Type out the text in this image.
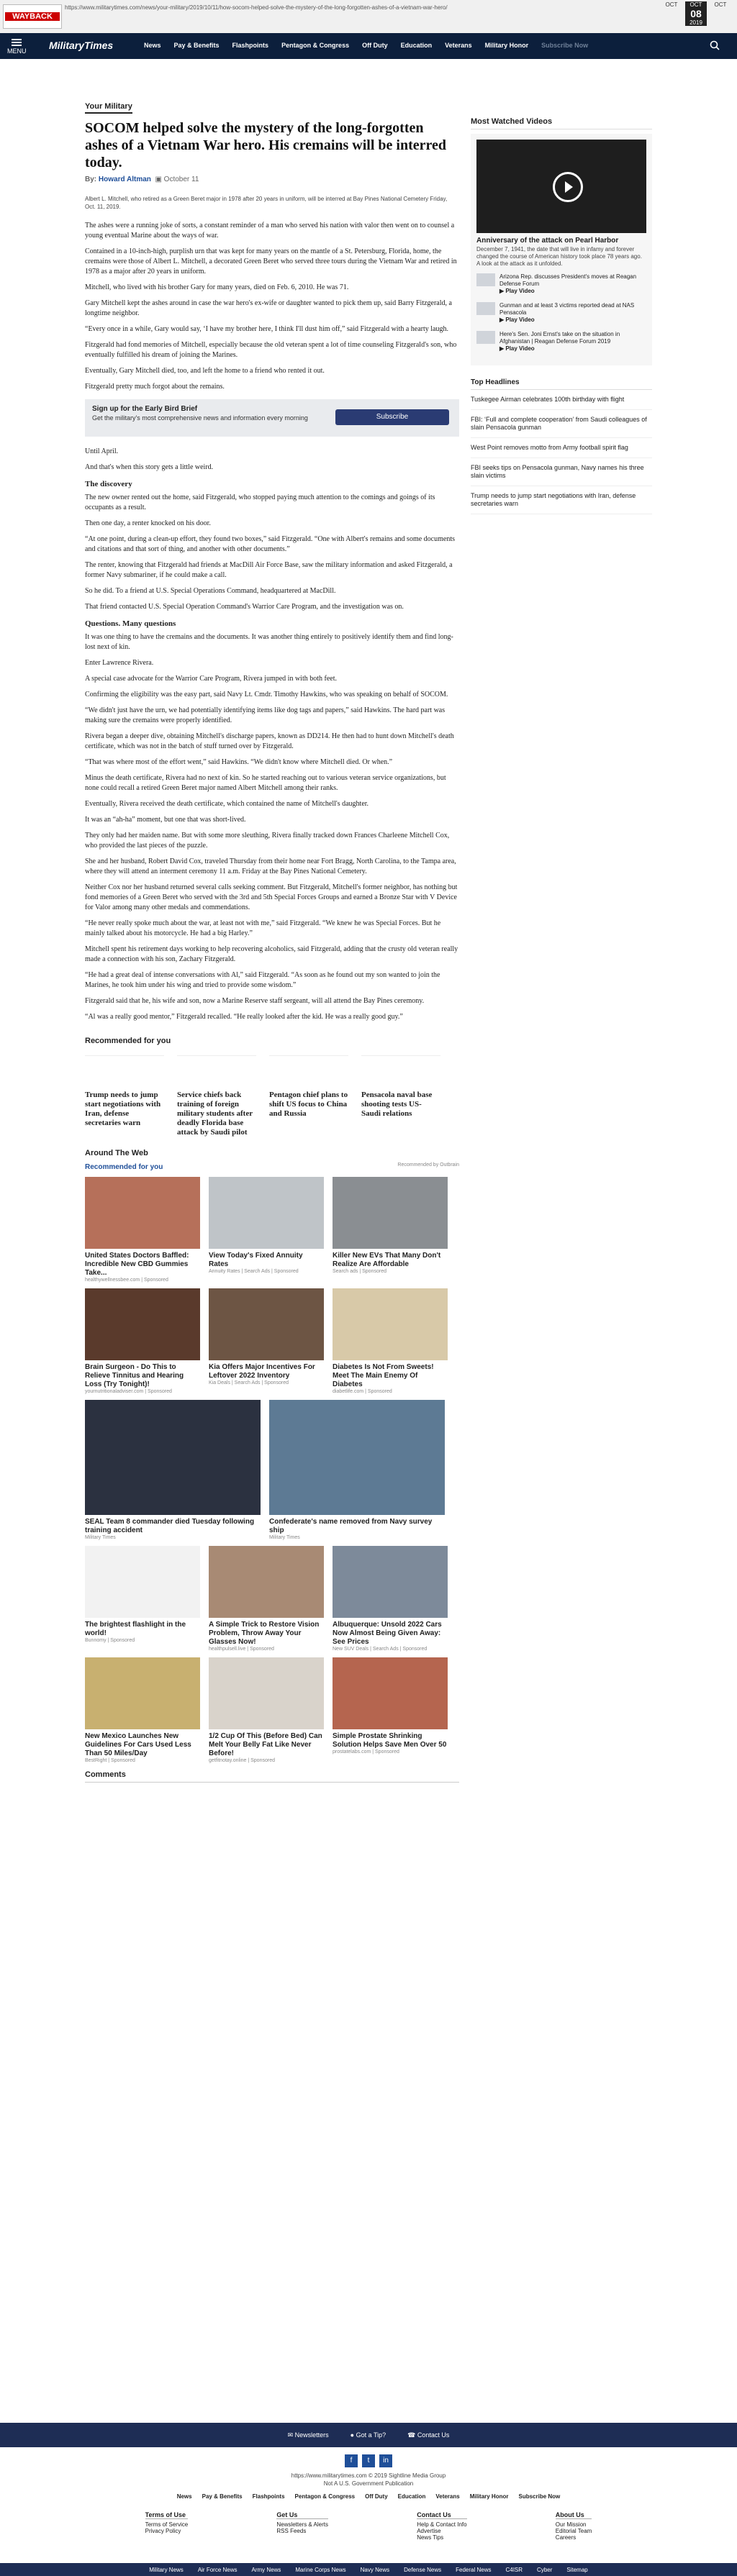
WAYBACK
https://www.militarytimes.com/news/your-military/2019/10/11/how-socom-helped-solve-the-mystery-of-the-long-forgotten-ashes-of-a-vietnam-war-hero/	OCT	OCT
08
2019
OCT
MENU MilitaryTimes	News Pay & Benefits Flashpoints Pentagon & Congress Off Duty Education Veterans Military Honor Subscribe Now
Your Military
SOCOM helped solve the mystery of the long-forgotten ashes of a Vietnam War hero. His cremains will be interred today.
By: Howard Altman ▣ October 11
Albert L. Mitchell, who retired as a Green Beret major in 1978 after 20 years in uniform, will be interred at Bay Pines National Cemetery Friday, Oct. 11, 2019.

The ashes were a running joke of sorts, a constant reminder of a man who served his nation with valor then went on to counsel a young eventual Marine about the ways of war.

Contained in a 10-inch-high, purplish urn that was kept for many years on the mantle of a St. Petersburg, Florida, home, the cremains were those of Albert L. Mitchell, a decorated Green Beret who served three tours during the Vietnam War and retired in 1978 as a major after 20 years in uniform.

Mitchell, who lived with his brother Gary for many years, died on Feb. 6, 2010. He was 71.

Gary Mitchell kept the ashes around in case the war hero's ex-wife or daughter wanted to pick them up, said Barry Fitzgerald, a longtime neighbor.

“Every once in a while, Gary would say, ‘I have my brother here, I think I'll dust him off,” said Fitzgerald with a hearty laugh.

Fitzgerald had fond memories of Mitchell, especially because the old veteran spent a lot of time counseling Fitzgerald's son, who eventually fulfilled his dream of joining the Marines.

Eventually, Gary Mitchell died, too, and left the home to a friend who rented it out.

Fitzgerald pretty much forgot about the remains.

Sign up for the Early Bird Brief
Get the military's most comprehensive news and information every morning	Subscribe

Until April.

And that's when this story gets a little weird.

The discovery

The new owner rented out the home, said Fitzgerald, who stopped paying much attention to the comings and goings of its occupants as a result.

Then one day, a renter knocked on his door.

“At one point, during a clean-up effort, they found two boxes,” said Fitzgerald. “One with Albert's remains and some documents and citations and that sort of thing, and another with other documents.”

The renter, knowing that Fitzgerald had friends at MacDill Air Force Base, saw the military information and asked Fitzgerald, a former Navy submariner, if he could make a call.

So he did. To a friend at U.S. Special Operations Command, headquartered at MacDill.

That friend contacted U.S. Special Operation Command's Warrior Care Program, and the investigation was on.

Questions. Many questions

It was one thing to have the cremains and the documents. It was another thing entirely to positively identify them and find long-lost next of kin.

Enter Lawrence Rivera.

A special case advocate for the Warrior Care Program, Rivera jumped in with both feet.

Confirming the eligibility was the easy part, said Navy Lt. Cmdr. Timothy Hawkins, who was speaking on behalf of SOCOM.

“We didn't just have the urn, we had potentially identifying items like dog tags and papers,” said Hawkins. The hard part was making sure the cremains were properly identified.

Rivera began a deeper dive, obtaining Mitchell's discharge papers, known as DD214. He then had to hunt down Mitchell's death certificate, which was not in the batch of stuff turned over by Fitzgerald.

“That was where most of the effort went,” said Hawkins. “We didn't know where Mitchell died. Or when.”

Minus the death certificate, Rivera had no next of kin. So he started reaching out to various veteran service organizations, but none could recall a retired Green Beret major named Albert Mitchell among their ranks.

Eventually, Rivera received the death certificate, which contained the name of Mitchell's daughter.

It was an “ah-ha” moment, but one that was short-lived.

They only had her maiden name. But with some more sleuthing, Rivera finally tracked down Frances Charleene Mitchell Cox, who provided the last pieces of the puzzle.

She and her husband, Robert David Cox, traveled Thursday from their home near Fort Bragg, North Carolina, to the Tampa area, where they will attend an interment ceremony 11 a.m. Friday at the Bay Pines National Cemetery.

Neither Cox nor her husband returned several calls seeking comment. But Fitzgerald, Mitchell's former neighbor, has nothing but fond memories of a Green Beret who served with the 3rd and 5th Special Forces Groups and earned a Bronze Star with V Device for Valor among many other medals and commendations.

“He never really spoke much about the war, at least not with me,” said Fitzgerald. “We knew he was Special Forces. But he mainly talked about his motorcycle. He had a big Harley.”

Mitchell spent his retirement days working to help recovering alcoholics, said Fitzgerald, adding that the crusty old veteran really made a connection with his son, Zachary Fitzgerald.

“He had a great deal of intense conversations with Al,” said Fitzgerald. “As soon as he found out my son wanted to join the Marines, he took him under his wing and tried to provide some wisdom.”

Fitzgerald said that he, his wife and son, now a Marine Reserve staff sergeant, will all attend the Bay Pines ceremony.

“Al was a really good mentor,” Fitzgerald recalled. “He really looked after the kid. He was a really good guy.”

Recommended for you
Trump needs to jump start negotiations with Iran, defense secretaries warn
Service chiefs back training of foreign military students after deadly Florida base attack by Saudi pilot
Pentagon chief plans to shift US focus to China and Russia
Pensacola naval base shooting tests US-Saudi relations
Around The Web
Recommended for you	Recommended by Outbrain
United States Doctors Baffled: Incredible New CBD Gummies Take...
healthywellnessbee.com | Sponsored
View Today's Fixed Annuity Rates
Annuity Rates | Search Ads | Sponsored
Killer New EVs That Many Don't Realize Are Affordable
Search ads | Sponsored
Brain Surgeon - Do This to Relieve Tinnitus and Hearing Loss (Try Tonight)!
yournutritionaladviser.com | Sponsored
Kia Offers Major Incentives For Leftover 2022 Inventory
Kia Deals | Search Ads | Sponsored
Diabetes Is Not From Sweets! Meet The Main Enemy Of Diabetes
diabetlife.com | Sponsored
SEAL Team 8 commander died Tuesday following training accident
Military Times
Confederate's name removed from Navy survey ship
Military Times
The brightest flashlight in the world!
Bunnomy | Sponsored
A Simple Trick to Restore Vision Problem, Throw Away Your Glasses Now!
healthpulsell.live | Sponsored
Albuquerque: Unsold 2022 Cars Now Almost Being Given Away: See Prices
New SUV Deals | Search Ads | Sponsored
New Mexico Launches New Guidelines For Cars Used Less Than 50 Miles/Day
BestRight | Sponsored
1/2 Cup Of This (Before Bed) Can Melt Your Belly Fat Like Never Before!
getfitnotay.online | Sponsored
Simple Prostate Shrinking Solution Helps Save Men Over 50
prostatelabs.com | Sponsored
Comments
Most Watched Videos
Anniversary of the attack on Pearl Harbor
December 7, 1941, the date that will live in infamy and forever changed the course of American history took place 78 years ago. A look at the attack as it unfolded.
Arizona Rep. discusses President's moves at Reagan Defense Forum
▶ Play Video
Gunman and at least 3 victims reported dead at NAS Pensacola
▶ Play Video
Here's Sen. Joni Ernst's take on the situation in Afghanistan | Reagan Defense Forum 2019
▶ Play Video
Top Headlines
Tuskegee Airman celebrates 100th birthday with flight
FBI: ‘Full and complete cooperation’ from Saudi colleagues of slain Pensacola gunman
West Point removes motto from Army football spirit flag
FBI seeks tips on Pensacola gunman, Navy names his three slain victims
Trump needs to jump start negotiations with Iran, defense secretaries warn
✉ Newsletters	● Got a Tip?	☎ Contact Us
f	t	in
https://www.militarytimes.com © 2019 Sightline Media Group
Not A U.S. Government Publication
News Pay & Benefits Flashpoints Pentagon & Congress Off Duty Education Veterans Military Honor Subscribe Now
Terms of Use
Terms of Service
Privacy Policy
Get Us
Newsletters & Alerts
RSS Feeds
Contact Us
Help & Contact Info
Advertise
News Tips
About Us
Our Mission
Editorial Team
Careers
Military News	Air Force News	Army News	Marine Corps News	Navy News	Defense News	Federal News	C4ISR	Cyber	Sitemap
